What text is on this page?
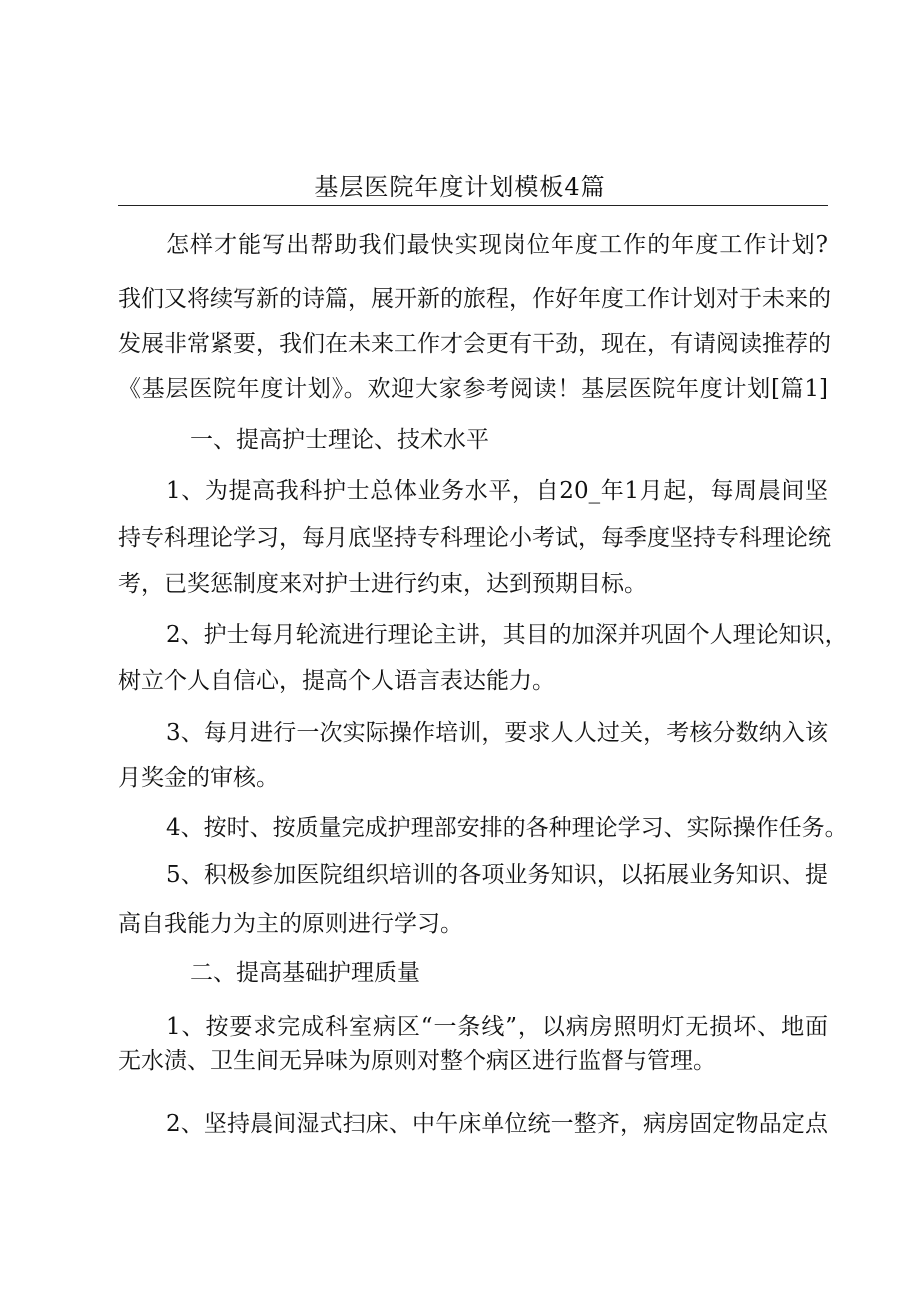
基层医院年度计划模板4篇
怎样才能写出帮助我们最快实现岗位年度工作的年度工作计划?
我们又将续写新的诗篇，展开新的旅程，作好年度工作计划对于未来的
发展非常紧要，我们在未来工作才会更有干劲，现在，有请阅读推荐的
《基层医院年度计划》。欢迎大家参考阅读！基层医院年度计划[篇1]
一、提高护士理论、技术水平
1、为提高我科护士总体业务水平，自20_年1月起，每周晨间坚
持专科理论学习，每月底坚持专科理论小考试，每季度坚持专科理论统
考，已奖惩制度来对护士进行约束，达到预期目标。
2、护士每月轮流进行理论主讲，其目的加深并巩固个人理论知识，
树立个人自信心，提高个人语言表达能力。
3、每月进行一次实际操作培训，要求人人过关，考核分数纳入该
月奖金的审核。
4、按时、按质量完成护理部安排的各种理论学习、实际操作任务。
5、积极参加医院组织培训的各项业务知识，以拓展业务知识、提
高自我能力为主的原则进行学习。
二、提高基础护理质量
1、按要求完成科室病区“一条线”，以病房照明灯无损坏、地面
无水渍、卫生间无异味为原则对整个病区进行监督与管理。
2、坚持晨间湿式扫床、中午床单位统一整齐，病房固定物品定点
